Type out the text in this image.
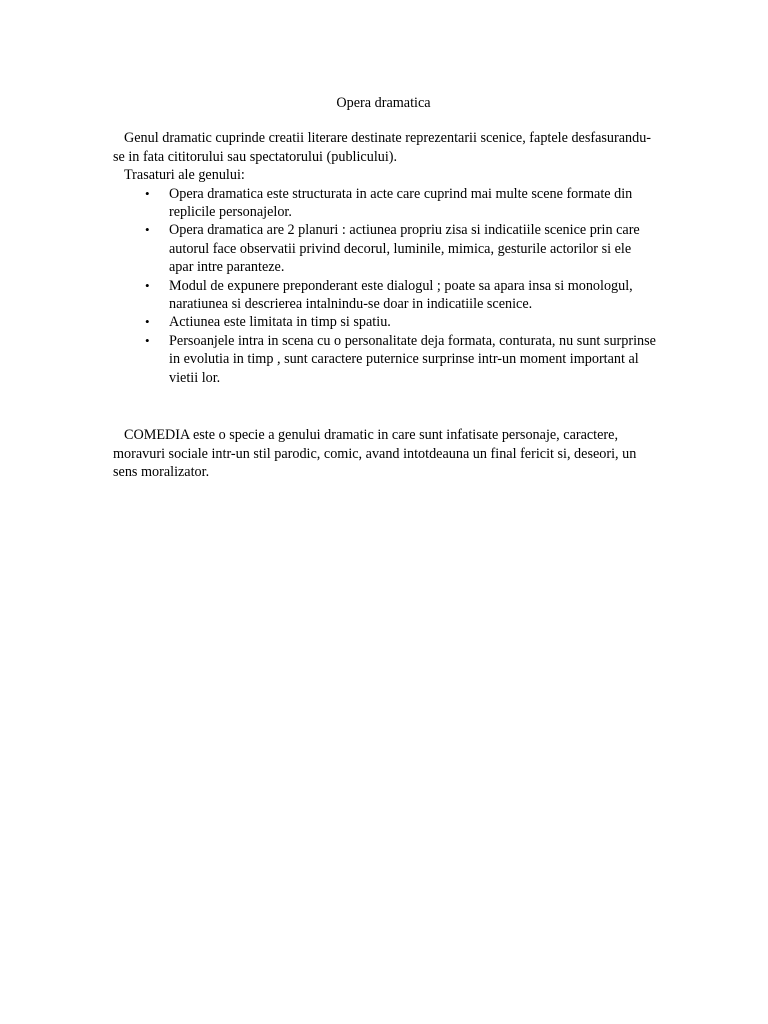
Opera dramatica

Genul dramatic cuprinde creatii literare destinate reprezentarii scenice, faptele desfasurandu-se in fata cititorului sau spectatorului (publicului).

Trasaturi ale genului:

• Opera dramatica este structurata in acte care cuprind mai multe scene formate din replicile personajelor.
• Opera dramatica are 2 planuri : actiunea propriu zisa si indicatiile scenice prin care autorul face observatii privind decorul, luminile, mimica, gesturile actorilor si ele apar intre paranteze.
• Modul de expunere preponderant este dialogul ; poate sa apara insa si monologul, naratiunea si descrierea intalnindu-se doar in indicatiile scenice.
• Actiunea este limitata in timp si spatiu.
• Persoanjele intra in scena cu o personalitate deja formata, conturata, nu sunt surprinse in evolutia in timp , sunt caractere puternice surprinse intr-un moment important al vietii lor.

COMEDIA este o specie a genului dramatic in care sunt infatisate personaje, caractere, moravuri sociale intr-un stil parodic, comic, avand intotdeauna un final fericit si, deseori, un sens moralizator.
